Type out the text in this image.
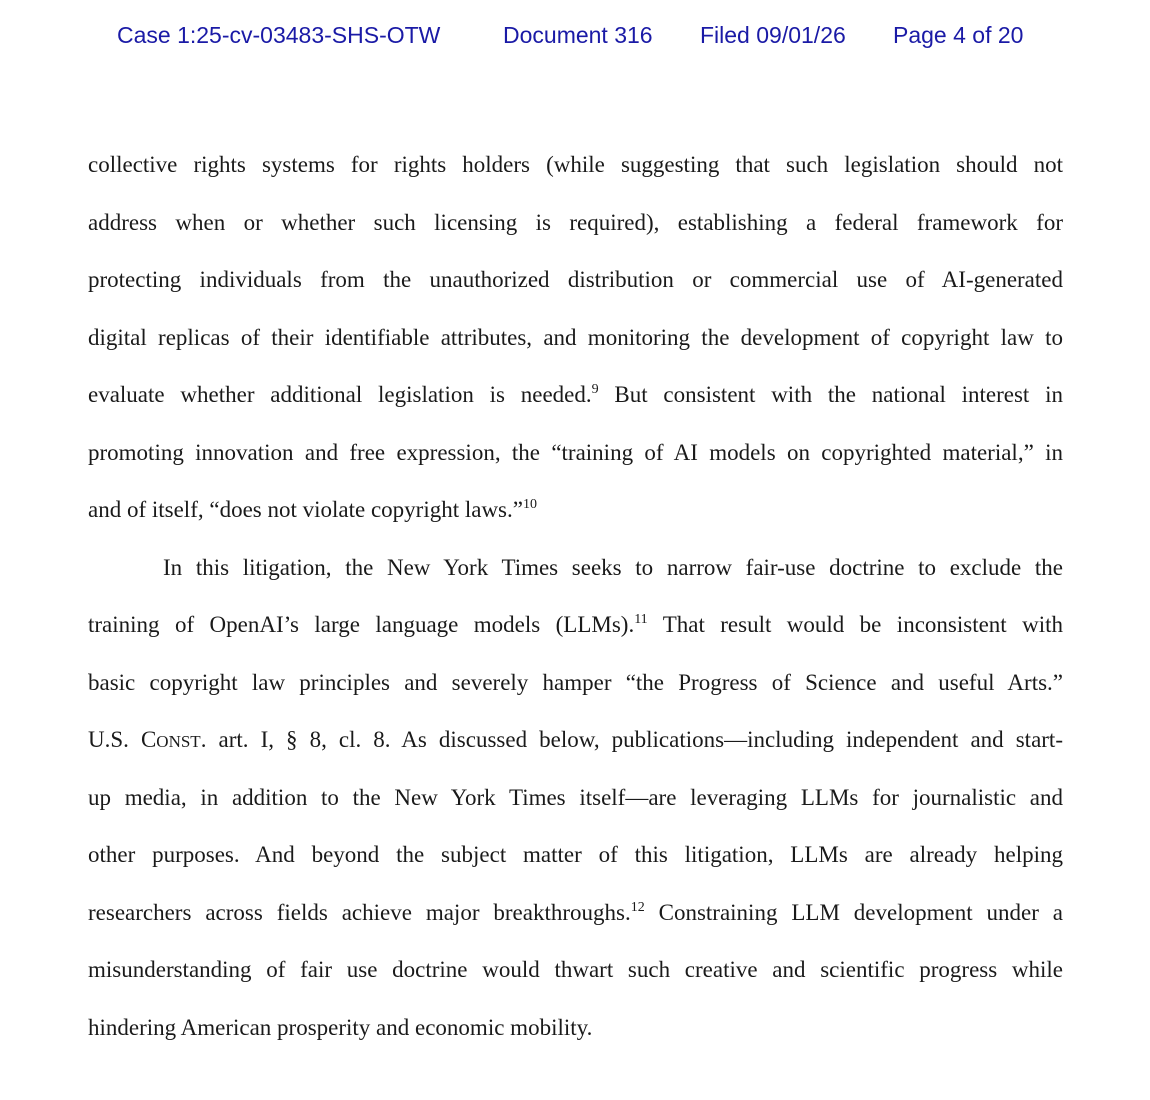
Case 1:25-cv-03483-SHS-OTW	Document 316 Filed 09/01/26 Page 4 of 20
collective rights systems for rights holders (while suggesting that such legislation should not
address when or whether such licensing is required), establishing a federal framework for
protecting individuals from the unauthorized distribution or commercial use of AI-generated
digital replicas of their identifiable attributes, and monitoring the development of copyright law to
evaluate whether additional legislation is needed.$^9$ But consistent with the national interest in
promoting innovation and free expression, the “training of AI models on copyrighted material,” in
and of itself, “does not violate copyright laws.”$^{10}$
In this litigation, the New York Times seeks to narrow fair-use doctrine to exclude the
training of OpenAI’s large language models (LLMs).$^{11}$ That result would be inconsistent with
basic copyright law principles and severely hamper “the Progress of Science and useful Arts.”
U.S. CONST. art. I, § 8, cl. 8. As discussed below, publications—including independent and start-
up media, in addition to the New York Times itself—are leveraging LLMs for journalistic and
other purposes. And beyond the subject matter of this litigation, LLMs are already helping
researchers across fields achieve major breakthroughs.$^{12}$ Constraining LLM development under a
misunderstanding of fair use doctrine would thwart such creative and scientific progress while
hindering American prosperity and economic mobility.
